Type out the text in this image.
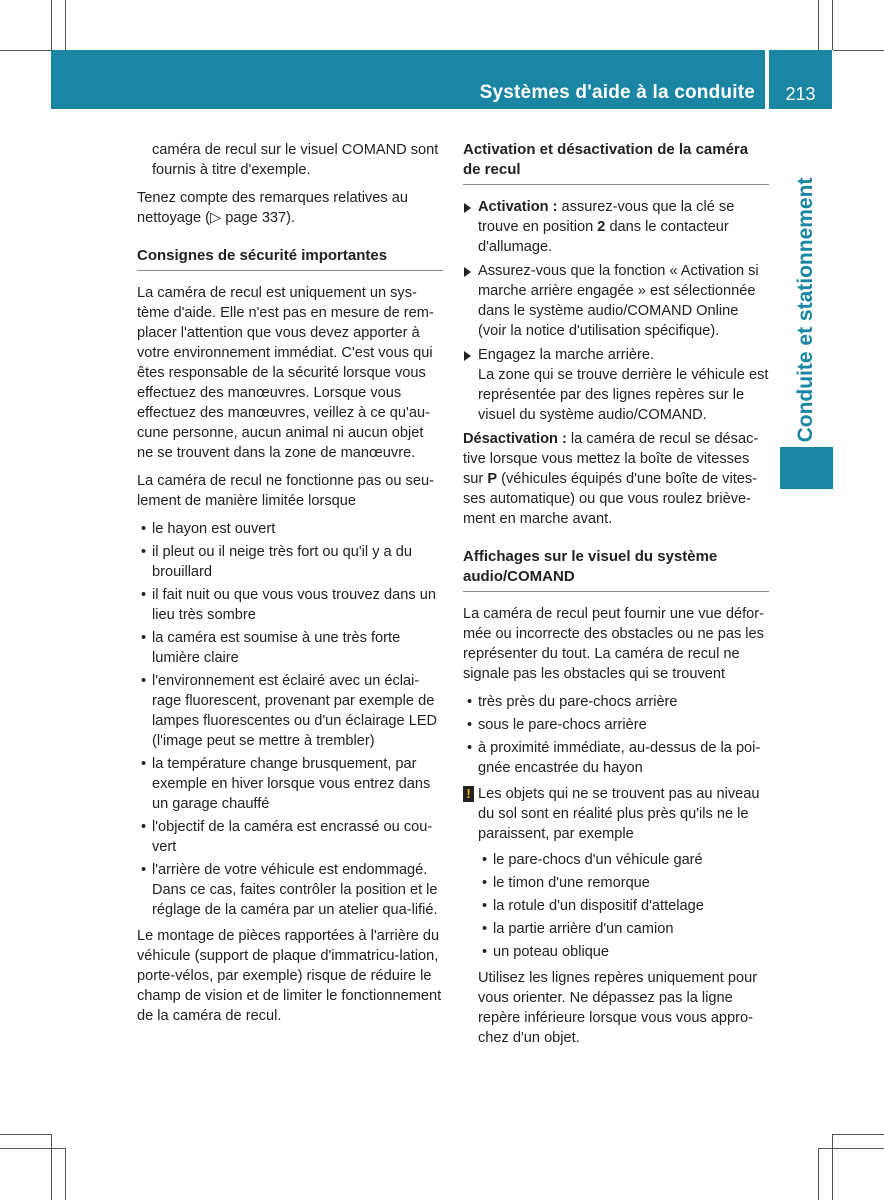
Systèmes d'aide à la conduite	213
Conduite et stationnement

caméra de recul sur le visuel COMAND sont fournis à titre d'exemple.

Tenez compte des remarques relatives au nettoyage (▷ page 337).

Consignes de sécurité importantes

La caméra de recul est uniquement un sys-tème d'aide. Elle n'est pas en mesure de rem-placer l'attention que vous devez apporter à votre environnement immédiat. C'est vous qui êtes responsable de la sécurité lorsque vous effectuez des manœuvres. Lorsque vous effectuez des manœuvres, veillez à ce qu'au-cune personne, aucun animal ni aucun objet ne se trouvent dans la zone de manœuvre.

La caméra de recul ne fonctionne pas ou seu-lement de manière limitée lorsque

• le hayon est ouvert
• il pleut ou il neige très fort ou qu'il y a du brouillard
• il fait nuit ou que vous vous trouvez dans un lieu très sombre
• la caméra est soumise à une très forte lumière claire
• l'environnement est éclairé avec un éclai-rage fluorescent, provenant par exemple de lampes fluorescentes ou d'un éclairage LED (l'image peut se mettre à trembler)
• la température change brusquement, par exemple en hiver lorsque vous entrez dans un garage chauffé
• l'objectif de la caméra est encrassé ou cou-vert
• l'arrière de votre véhicule est endommagé. Dans ce cas, faites contrôler la position et le réglage de la caméra par un atelier qua-lifié.

Le montage de pièces rapportées à l'arrière du véhicule (support de plaque d'immatricu-lation, porte-vélos, par exemple) risque de réduire le champ de vision et de limiter le fonctionnement de la caméra de recul.

Activation et désactivation de la caméra de recul
Activation : assurez-vous que la clé se trouve en position 2 dans le contacteur d'allumage.
Assurez-vous que la fonction « Activation si marche arrière engagée » est sélectionnée dans le système audio/COMAND Online (voir la notice d'utilisation spécifique).
Engagez la marche arrière.
La zone qui se trouve derrière le véhicule est représentée par des lignes repères sur le visuel du système audio/COMAND.

Désactivation : la caméra de recul se désac-tive lorsque vous mettez la boîte de vitesses sur P (véhicules équipés d'une boîte de vites-ses automatique) ou que vous roulez briève-ment en marche avant.

Affichages sur le visuel du système audio/COMAND

La caméra de recul peut fournir une vue défor-mée ou incorrecte des obstacles ou ne pas les représenter du tout. La caméra de recul ne signale pas les obstacles qui se trouvent

• très près du pare-chocs arrière
• sous le pare-chocs arrière
• à proximité immédiate, au-dessus de la poi-gnée encastrée du hayon
! Les objets qui ne se trouvent pas au niveau du sol sont en réalité plus près qu'ils ne le paraissent, par exemple
• le pare-chocs d'un véhicule garé
• le timon d'une remorque
• la rotule d'un dispositif d'attelage
• la partie arrière d'un camion
• un poteau oblique

Utilisez les lignes repères uniquement pour vous orienter. Ne dépassez pas la ligne repère inférieure lorsque vous vous appro-chez d'un objet.
